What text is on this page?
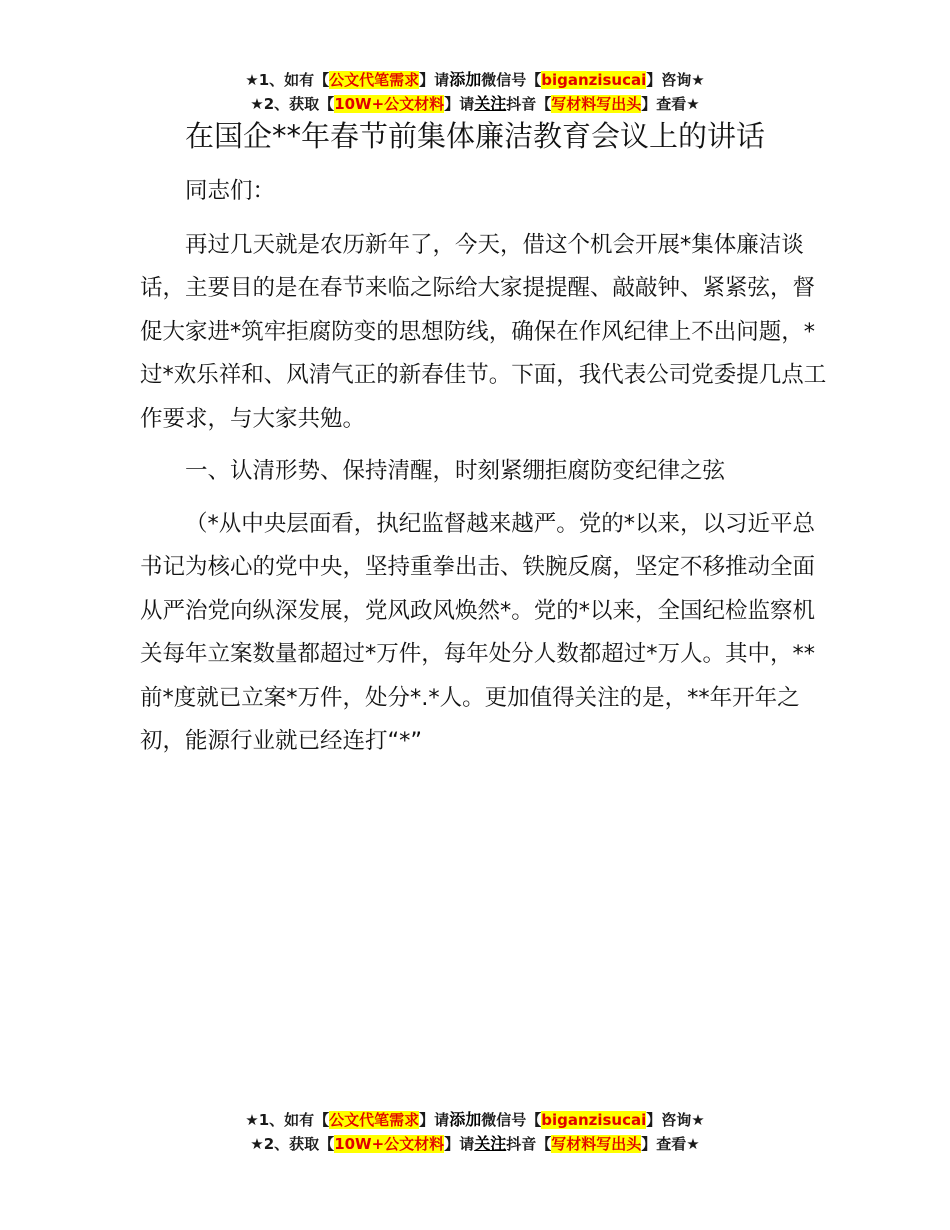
★1、如有【公文代笔需求】请添加微信号【biganzisucai】咨询★
★2、获取【10W+公文材料】请关注抖音【写材料写出头】查看★
在国企**年春节前集体廉洁教育会议上的讲话

同志们：

再过几天就是农历新年了，今天，借这个机会开展*集体廉洁谈话，主要目的是在春节来临之际给大家提提醒、敲敲钟、紧紧弦，督促大家进*筑牢拒腐防变的思想防线，确保在作风纪律上不出问题，*过*欢乐祥和、风清气正的新春佳节。下面，我代表公司党委提几点工作要求，与大家共勉。

一、认清形势、保持清醒，时刻紧绷拒腐防变纪律之弦

（*从中央层面看，执纪监督越来越严。党的*以来，以习近平总书记为核心的党中央，坚持重拳出击、铁腕反腐，坚定不移推动全面从严治党向纵深发展，党风政风焕然*。党的*以来，全国纪检监察机关每年立案数量都超过*万件，每年处分人数都超过*万人。其中，**前*度就已立案*万件，处分*.*人。更加值得关注的是，**年开年之初，能源行业就已经连打“*”

★1、如有【公文代笔需求】请添加微信号【biganzisucai】咨询★
★2、获取【10W+公文材料】请关注抖音【写材料写出头】查看★
